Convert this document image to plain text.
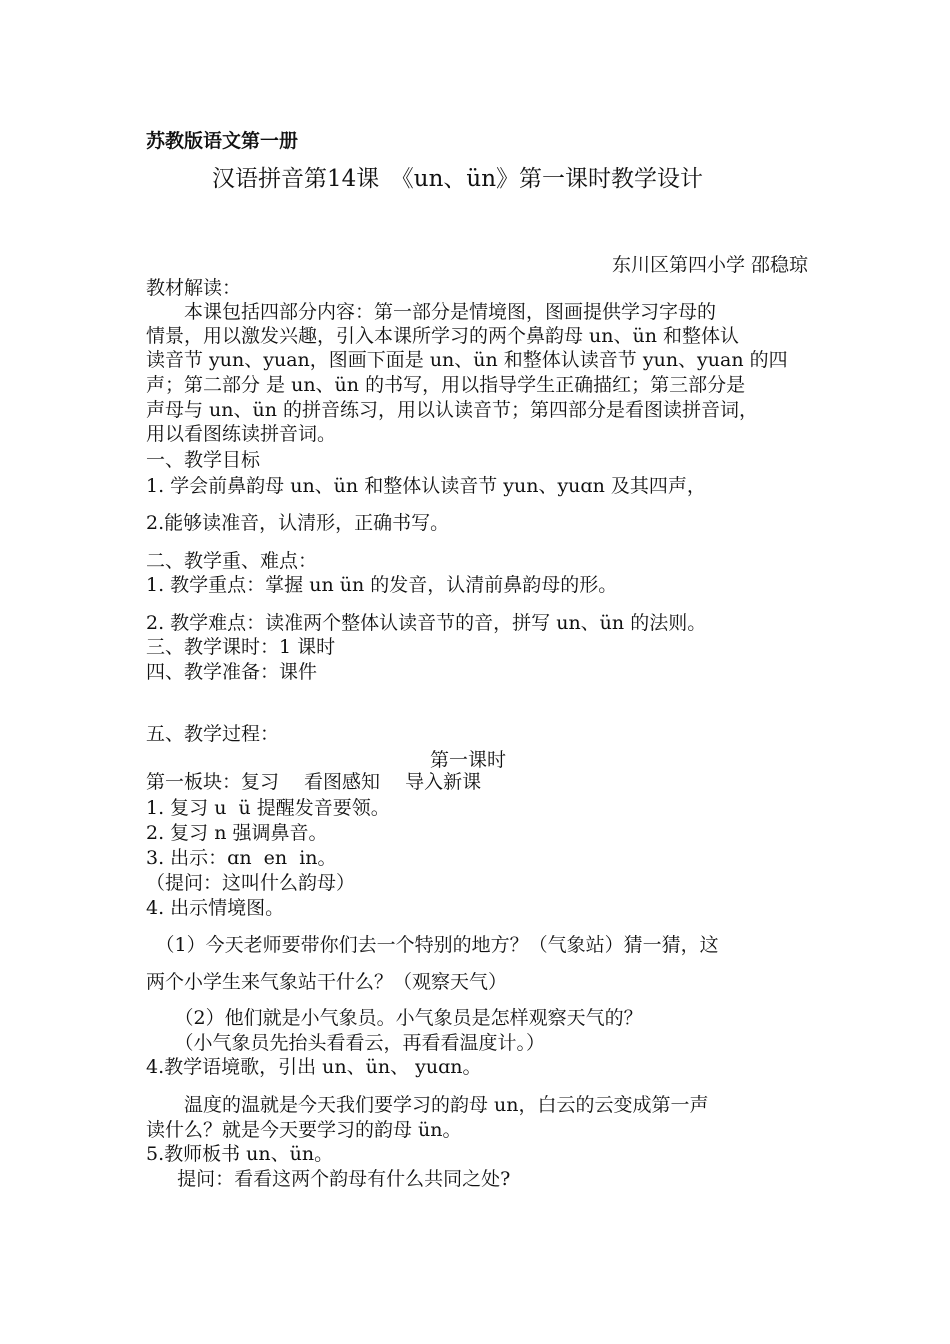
苏教版语文第一册
汉语拼音第14课　《un、ün》第一课时教学设计
东川区第四小学 邵稳琼
教材解读：
　　本课包括四部分内容：第一部分是情境图，图画提供学习字母的
情景，用以激发兴趣，引入本课所学习的两个鼻韵母 un、ün 和整体认
读音节 yun、yuan，图画下面是 un、ün 和整体认读音节 yun、yuan 的四
声；第二部分 是 un、ün 的书写，用以指导学生正确描红；第三部分是
声母与 un、ün 的拼音练习，用以认读音节；第四部分是看图读拼音词，
用以看图练读拼音词。
一、教学目标
1. 学会前鼻韵母 un、ün 和整体认读音节 yun、yuɑn 及其四声，
2.能够读准音，认清形，正确书写。
二、教学重、难点：
1. 教学重点：掌握 un ün 的发音，认清前鼻韵母的形。
2. 教学难点：读准两个整体认读音节的音，拼写 un、ün 的法则。
三、教学课时：1 课时
四、教学准备：课件
五、教学过程：
第一课时
第一板块：复习　 看图感知　 导入新课
1. 复习 u  ü 提醒发音要领。
2. 复习 n 强调鼻音。
3. 出示：ɑn  en  in。
（提问：这叫什么韵母）
4. 出示情境图。
　（1）今天老师要带你们去一个特别的地方？（气象站）猜一猜，这
两个小学生来气象站干什么？（观察天气）
　　（2）他们就是小气象员。小气象员是怎样观察天气的？
　　（小气象员先抬头看看云，再看看温度计。）
4.教学语境歌，引出 un、ün、 yuɑn。
　　温度的温就是今天我们要学习的韵母 un，白云的云变成第一声
读什么？就是今天要学习的韵母 ün。
5.教师板书 un、ün。
　  提问：看看这两个韵母有什么共同之处?
